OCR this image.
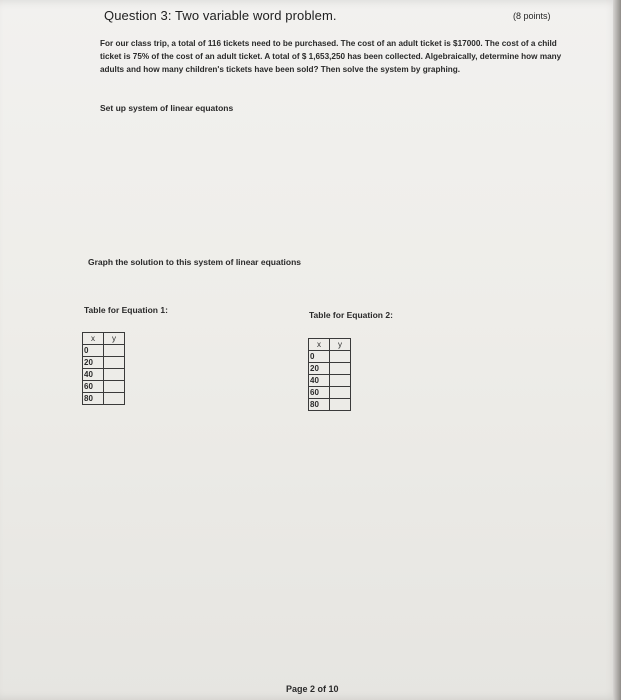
Question 3: Two variable word problem.	(8 points)
For our class trip, a total of 116 tickets need to be purchased. The cost of an adult ticket is $17000. The cost of a child ticket is 75% of the cost of an adult ticket. A total of $ 1,653,250 has been collected. Algebraically, determine how many adults and how many children's tickets have been sold? Then solve the system by graphing.
Set up system of linear equatons
Graph the solution to this system of linear equations
Table for Equation 1:	Table for Equation 2:
x	y
0	
20	
40	
60	
80	
x	y
0	
20	
40	
60	
80	
Page 2 of 10
